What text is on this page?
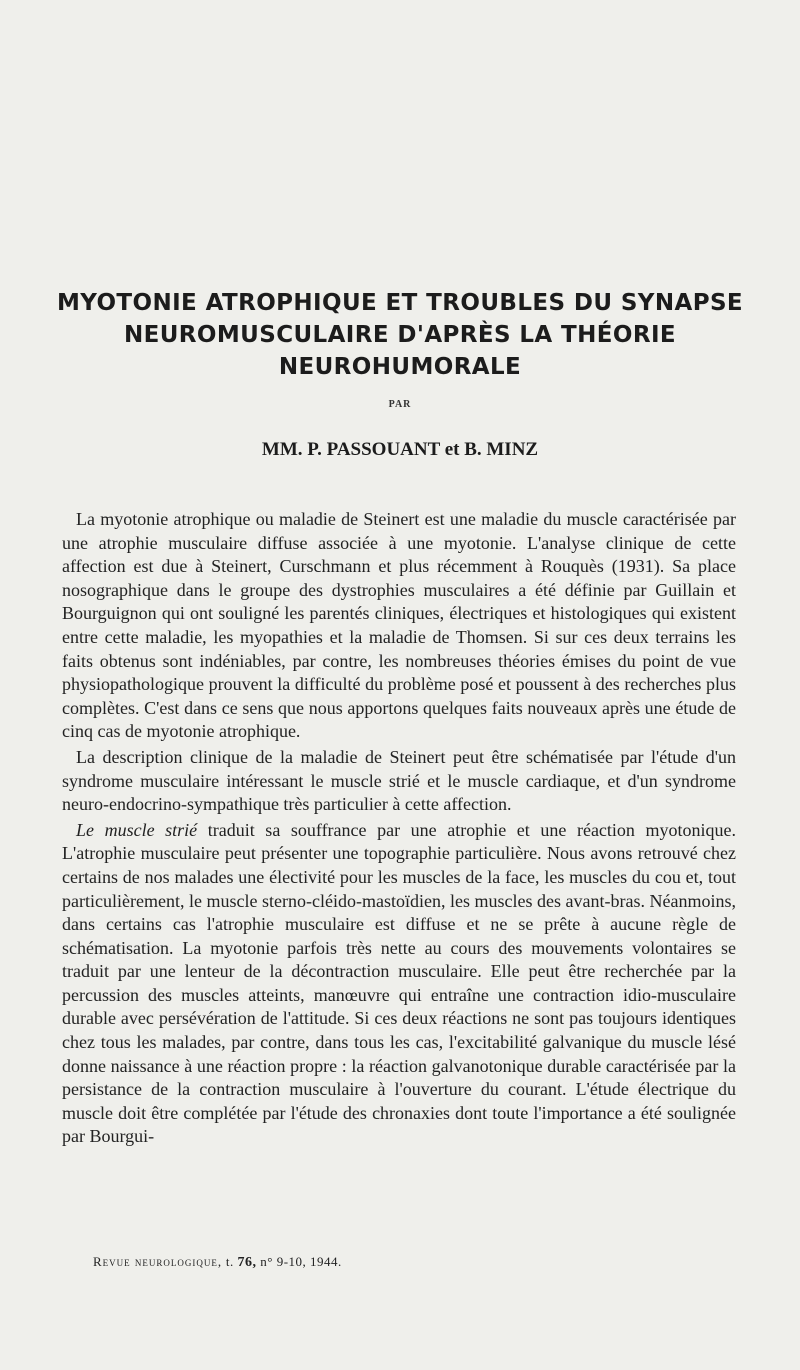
MYOTONIE ATROPHIQUE ET TROUBLES DU SYNAPSE
NEUROMUSCULAIRE D'APRÈS LA THÉORIE
NEUROHUMORALE
PAR
MM. P. PASSOUANT et B. MINZ

La myotonie atrophique ou maladie de Steinert est une maladie du muscle caractérisée par une atrophie musculaire diffuse associée à une myotonie. L'analyse clinique de cette affection est due à Steinert, Curschmann et plus récemment à Rouquès (1931). Sa place nosographique dans le groupe des dystrophies musculaires a été définie par Guillain et Bourguignon qui ont souligné les parentés cliniques, électriques et histologiques qui existent entre cette maladie, les myopathies et la maladie de Thomsen. Si sur ces deux terrains les faits obtenus sont indéniables, par contre, les nombreuses théories émises du point de vue physiopathologique prouvent la difficulté du problème posé et poussent à des recherches plus complètes. C'est dans ce sens que nous apportons quelques faits nouveaux après une étude de cinq cas de myotonie atrophique.

La description clinique de la maladie de Steinert peut être schématisée par l'étude d'un syndrome musculaire intéressant le muscle strié et le muscle cardiaque, et d'un syndrome neuro-endocrino-sympathique très particulier à cette affection.

Le muscle strié traduit sa souffrance par une atrophie et une réaction myotonique. L'atrophie musculaire peut présenter une topographie particulière. Nous avons retrouvé chez certains de nos malades une électivité pour les muscles de la face, les muscles du cou et, tout particulièrement, le muscle sterno-cléido-mastoïdien, les muscles des avant-bras. Néanmoins, dans certains cas l'atrophie musculaire est diffuse et ne se prête à aucune règle de schématisation. La myotonie parfois très nette au cours des mouvements volontaires se traduit par une lenteur de la décontraction musculaire. Elle peut être recherchée par la percussion des muscles atteints, manœuvre qui entraîne une contraction idio-musculaire durable avec persévération de l'attitude. Si ces deux réactions ne sont pas toujours identiques chez tous les malades, par contre, dans tous les cas, l'excitabilité galvanique du muscle lésé donne naissance à une réaction propre : la réaction galvanotonique durable caractérisée par la persistance de la contraction musculaire à l'ouverture du courant. L'étude électrique du muscle doit être complétée par l'étude des chronaxies dont toute l'importance a été soulignée par Bourgui-

Revue neurologique, t. 76, n° 9-10, 1944.
